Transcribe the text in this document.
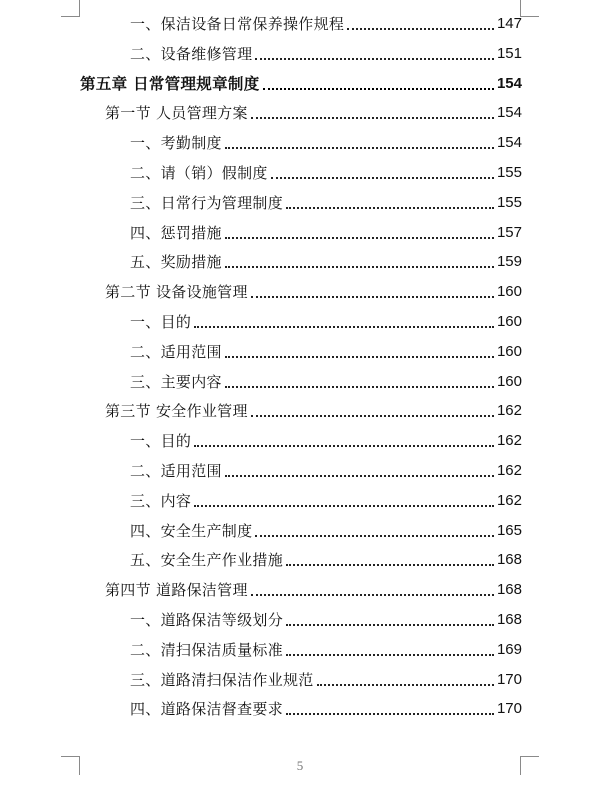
一、保洁设备日常保养操作规程	147
二、设备维修管理	151
第五章 日常管理规章制度	154
第一节 人员管理方案	154
一、考勤制度	154
二、请（销）假制度	155
三、日常行为管理制度	155
四、惩罚措施	157
五、奖励措施	159
第二节 设备设施管理	160
一、目的	160
二、适用范围	160
三、主要内容	160
第三节 安全作业管理	162
一、目的	162
二、适用范围	162
三、内容	162
四、安全生产制度	165
五、安全生产作业措施	168
第四节 道路保洁管理	168
一、道路保洁等级划分	168
二、清扫保洁质量标准	169
三、道路清扫保洁作业规范	170
四、道路保洁督查要求	170
5
